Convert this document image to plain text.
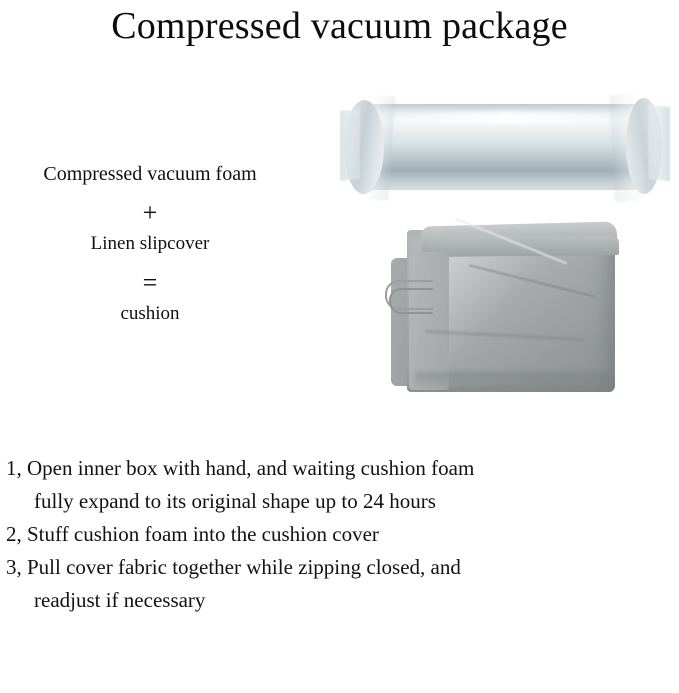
Compressed vacuum package
Compressed vacuum foam
+
Linen slipcover
=
cushion
1, Open inner box with hand, and waiting cushion foam
fully expand to its original shape up to 24 hours
2, Stuff cushion foam into the cushion cover
3, Pull cover fabric together while zipping closed, and
readjust if necessary
